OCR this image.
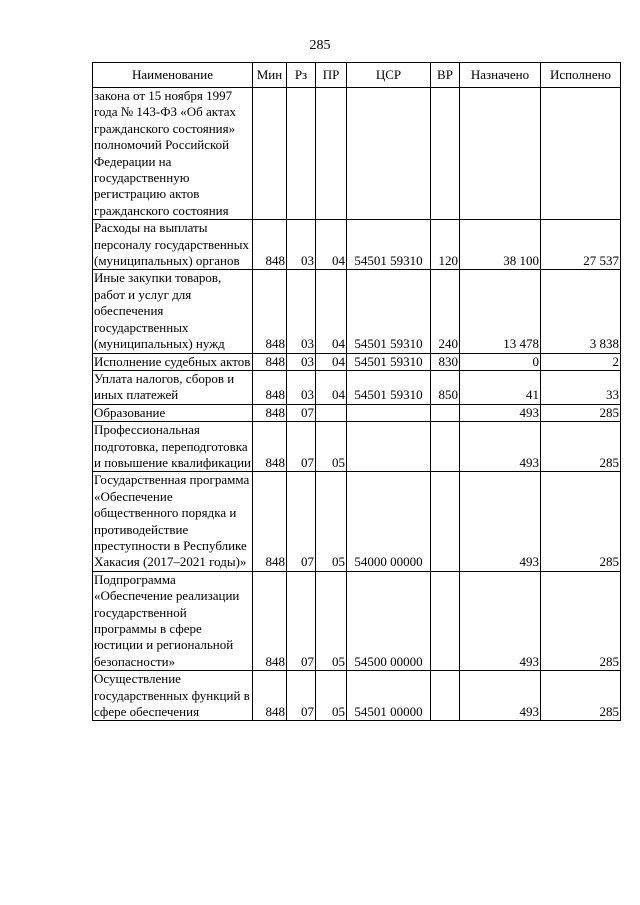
285
Наименование	Мин	Рз	ПР	ЦСР	ВР	Назначено	Исполнено
закона от 15 ноября 1997 года № 143-ФЗ «Об актах гражданского состояния» полномочий Российской Федерации на государственную регистрацию актов гражданского состояния							
Расходы на выплаты персоналу государственных (муниципальных) органов	848	03	04	54501 59310	120	38 100	27 537
Иные закупки товаров, работ и услуг для обеспечения государственных (муниципальных) нужд	848	03	04	54501 59310	240	13 478	3 838
Исполнение судебных актов	848	03	04	54501 59310	830	0	2
Уплата налогов, сборов и иных платежей	848	03	04	54501 59310	850	41	33
Образование	848	07				493	285
Профессиональная подготовка, переподготовка и повышение квалификации	848	07	05			493	285
Государственная программа «Обеспечение общественного порядка и противодействие преступности в Республике Хакасия (2017–2021 годы)»	848	07	05	54000 00000		493	285
Подпрограмма «Обеспечение реализации государственной программы в сфере юстиции и региональной безопасности»	848	07	05	54500 00000		493	285
Осуществление государственных функций в сфере обеспечения	848	07	05	54501 00000		493	285
